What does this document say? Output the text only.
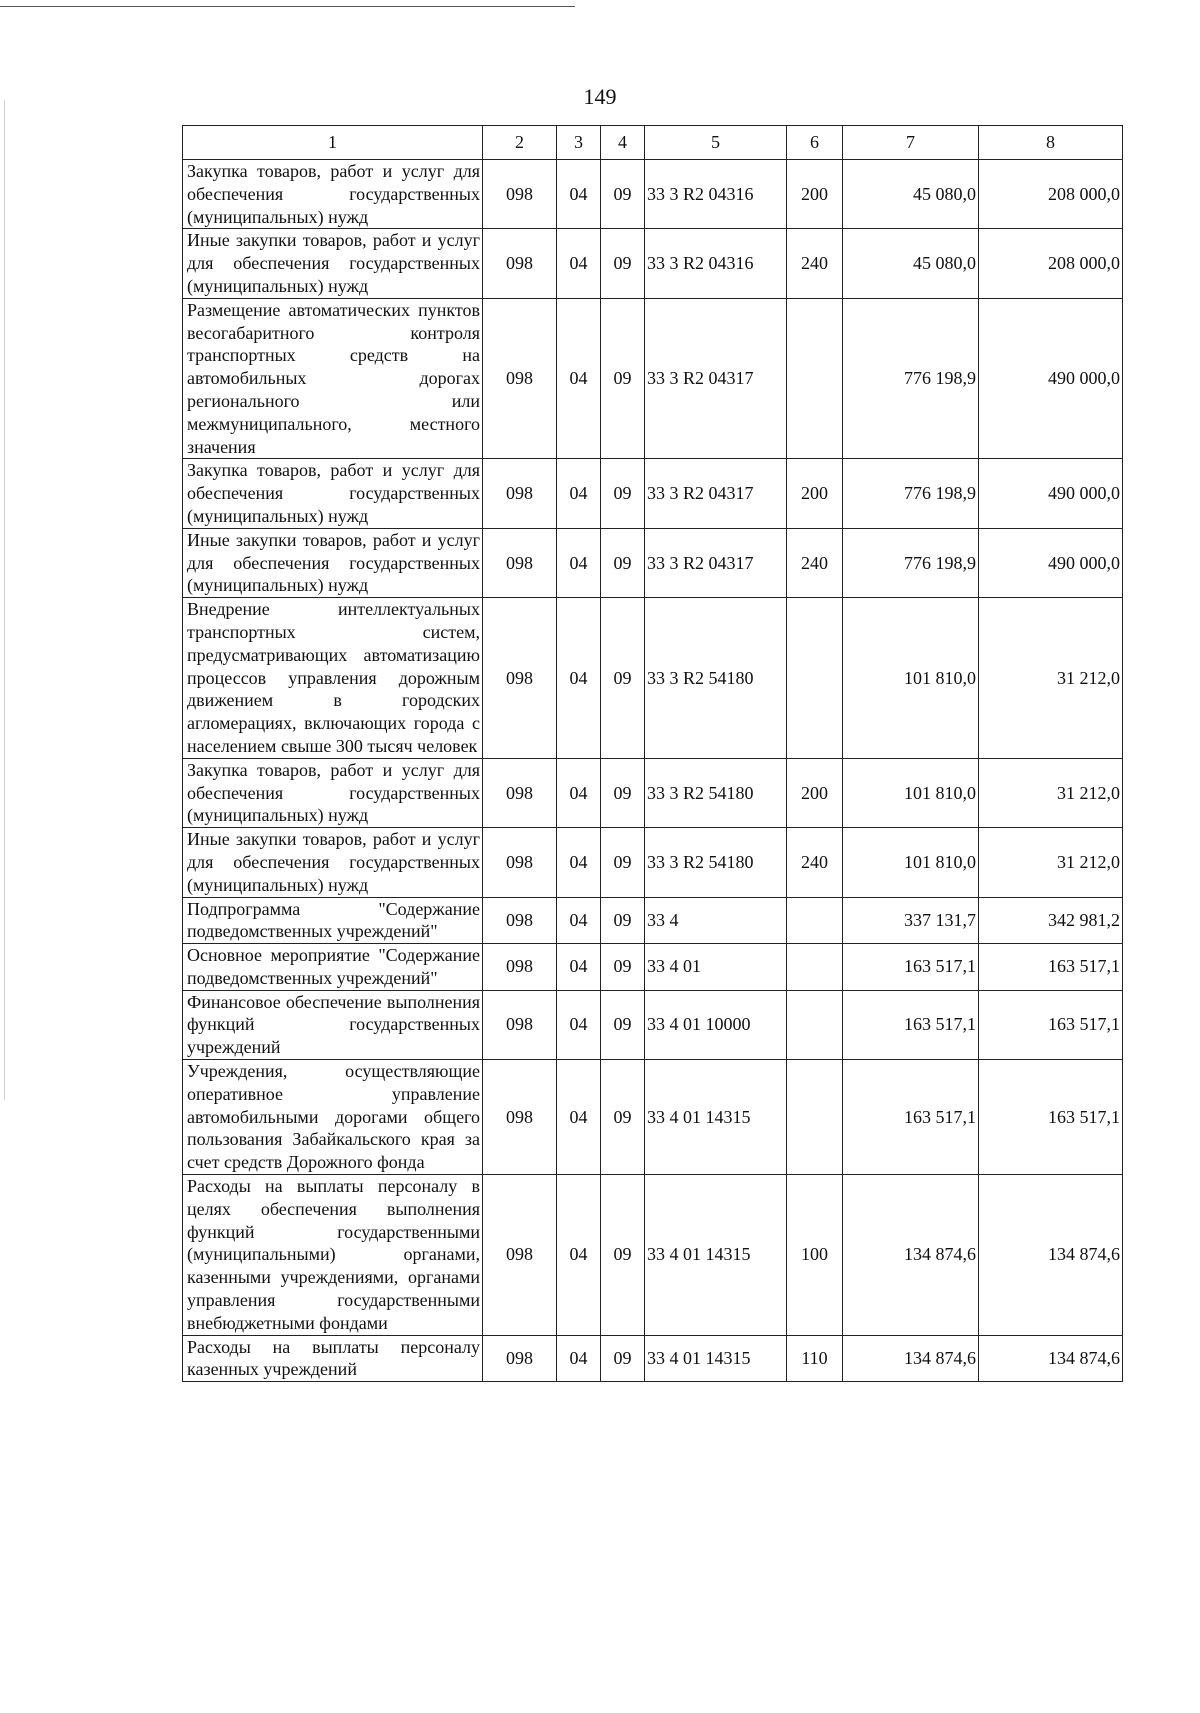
149
1	2	3	4	5	6	7	8
Закупка товаров, работ и услуг для обеспечения государственных (муниципальных) нужд	098	04	09	33 3 R2 04316	200	45 080,0	208 000,0
Иные закупки товаров, работ и услуг для обеспечения государственных (муниципальных) нужд	098	04	09	33 3 R2 04316	240	45 080,0	208 000,0
Размещение автоматических пунктов весогабаритного контроля транспортных средств на автомобильных дорогах регионального или межмуниципального, местного значения	098	04	09	33 3 R2 04317		776 198,9	490 000,0
Закупка товаров, работ и услуг для обеспечения государственных (муниципальных) нужд	098	04	09	33 3 R2 04317	200	776 198,9	490 000,0
Иные закупки товаров, работ и услуг для обеспечения государственных (муниципальных) нужд	098	04	09	33 3 R2 04317	240	776 198,9	490 000,0
Внедрение интеллектуальных транспортных систем, предусматривающих автоматизацию процессов управления дорожным движением в городских агломерациях, включающих города с населением свыше 300 тысяч человек	098	04	09	33 3 R2 54180		101 810,0	31 212,0
Закупка товаров, работ и услуг для обеспечения государственных (муниципальных) нужд	098	04	09	33 3 R2 54180	200	101 810,0	31 212,0
Иные закупки товаров, работ и услуг для обеспечения государственных (муниципальных) нужд	098	04	09	33 3 R2 54180	240	101 810,0	31 212,0
Подпрограмма "Содержание подведомственных учреждений"	098	04	09	33 4		337 131,7	342 981,2
Основное мероприятие "Содержание подведомственных учреждений"	098	04	09	33 4 01		163 517,1	163 517,1
Финансовое обеспечение выполнения функций государственных учреждений	098	04	09	33 4 01 10000		163 517,1	163 517,1
Учреждения, осуществляющие оперативное управление автомобильными дорогами общего пользования Забайкальского края за счет средств Дорожного фонда	098	04	09	33 4 01 14315		163 517,1	163 517,1
Расходы на выплаты персоналу в целях обеспечения выполнения функций государственными (муниципальными) органами, казенными учреждениями, органами управления государственными внебюджетными фондами	098	04	09	33 4 01 14315	100	134 874,6	134 874,6
Расходы на выплаты персоналу казенных учреждений	098	04	09	33 4 01 14315	110	134 874,6	134 874,6
